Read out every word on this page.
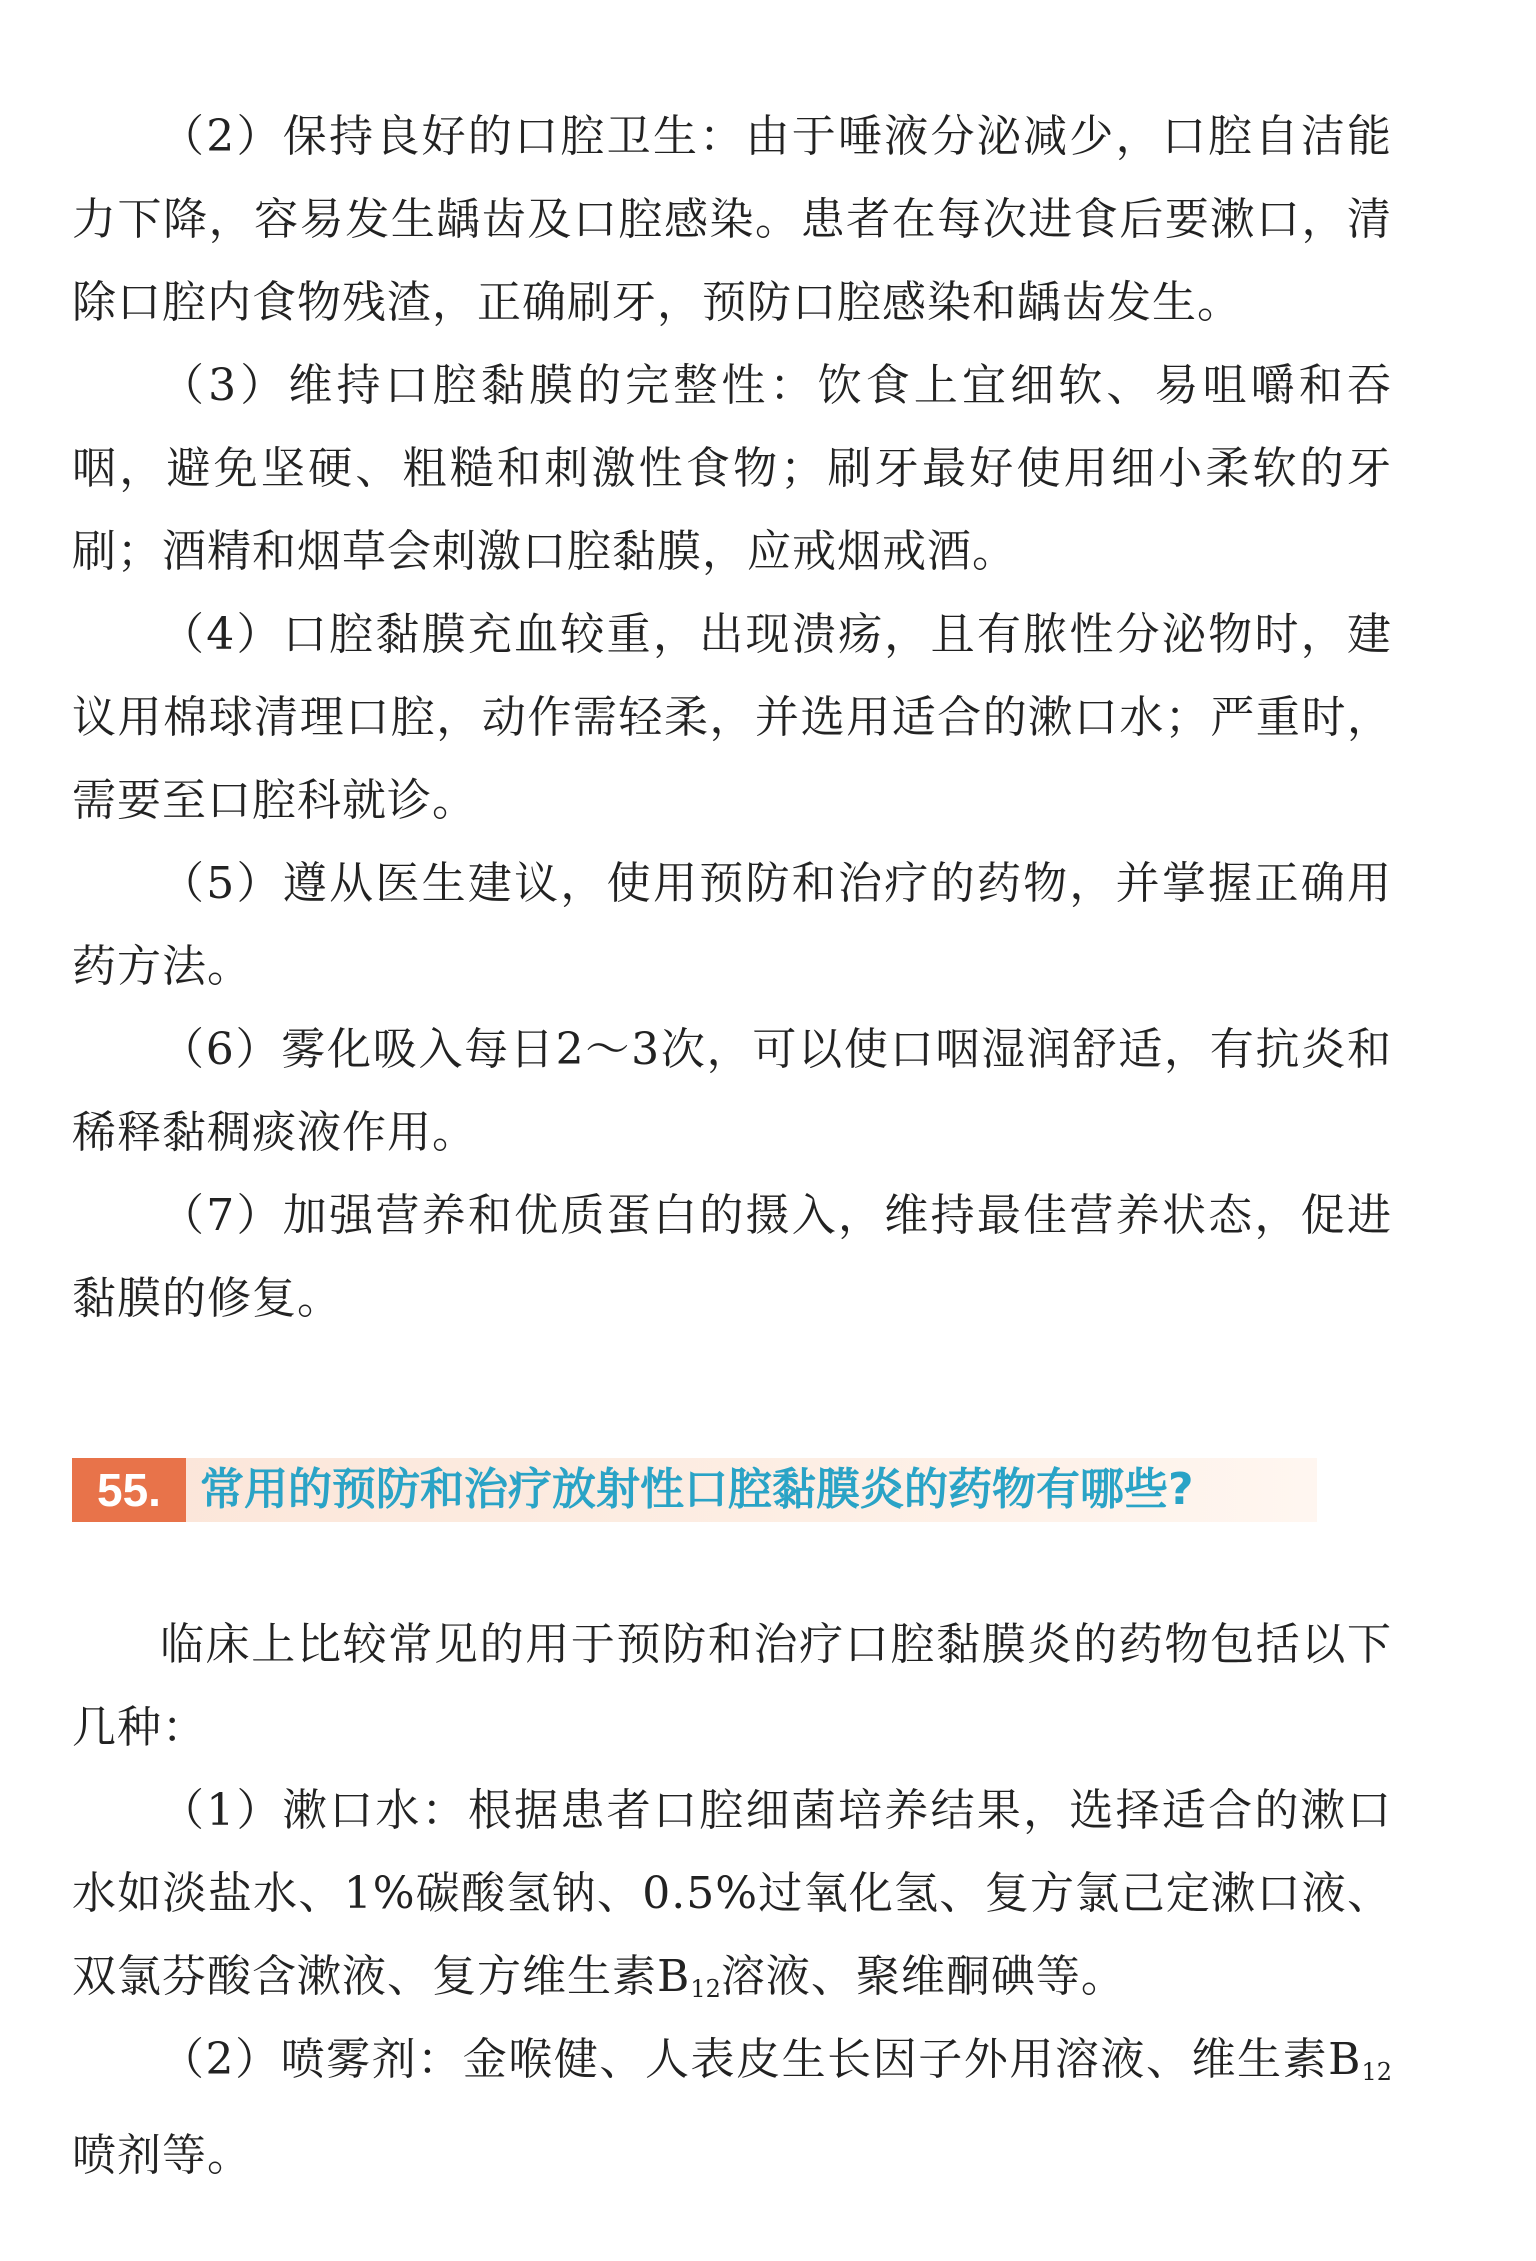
（2）保持良好的口腔卫生：由于唾液分泌减少，口腔自洁能力下降，容易发生龋齿及口腔感染。患者在每次进食后要漱口，清除口腔内食物残渣，正确刷牙，预防口腔感染和龋齿发生。

（3）维持口腔黏膜的完整性：饮食上宜细软、易咀嚼和吞咽，避免坚硬、粗糙和刺激性食物；刷牙最好使用细小柔软的牙刷；酒精和烟草会刺激口腔黏膜，应戒烟戒酒。

（4）口腔黏膜充血较重，出现溃疡，且有脓性分泌物时，建议用棉球清理口腔，动作需轻柔，并选用适合的漱口水；严重时，需要至口腔科就诊。

（5）遵从医生建议，使用预防和治疗的药物，并掌握正确用药方法。

（6）雾化吸入每日2～3次，可以使口咽湿润舒适，有抗炎和稀释黏稠痰液作用。

（7）加强营养和优质蛋白的摄入，维持最佳营养状态，促进黏膜的修复。

55. 常用的预防和治疗放射性口腔黏膜炎的药物有哪些?

临床上比较常见的用于预防和治疗口腔黏膜炎的药物包括以下几种：

（1）漱口水：根据患者口腔细菌培养结果，选择适合的漱口水如淡盐水、1%碳酸氢钠、0.5%过氧化氢、复方氯己定漱口液、双氯芬酸含漱液、复方维生素$B_{12}$溶液、聚维酮碘等。

（2）喷雾剂：金喉健、人表皮生长因子外用溶液、维生素$B_{12}$喷剂等。
